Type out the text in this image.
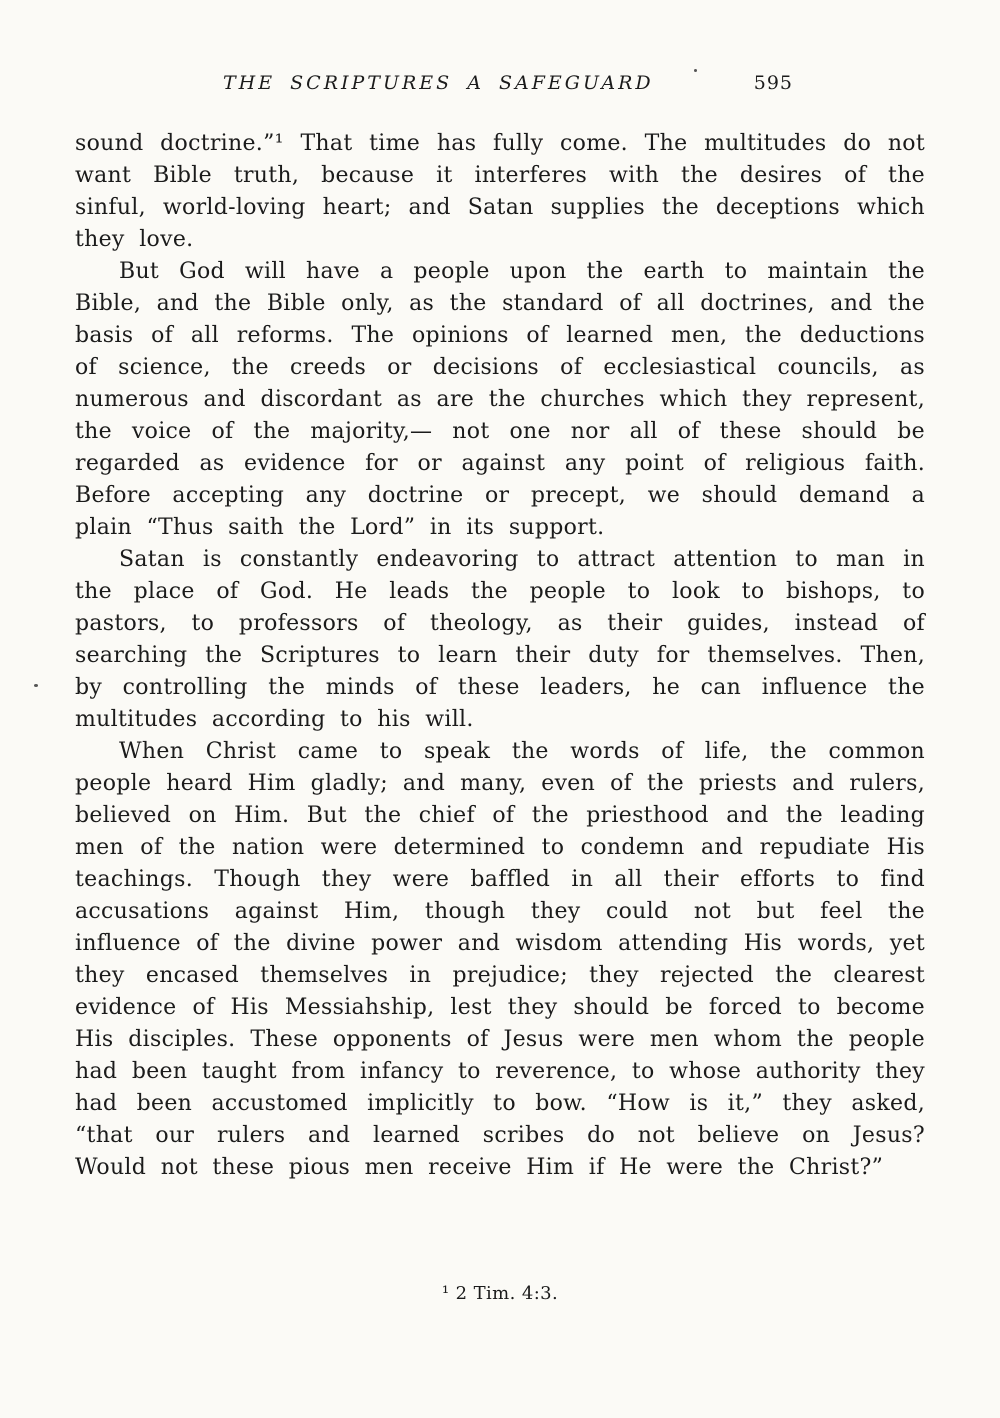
THE SCRIPTURES A SAFEGUARD	595

sound doctrine.”¹ That time has fully come. The multitudes do not want Bible truth, because it interferes with the desires of the sinful, world-loving heart; and Satan supplies the deceptions which they love.

But God will have a people upon the earth to maintain the Bible, and the Bible only, as the standard of all doctrines, and the basis of all reforms. The opinions of learned men, the deductions of science, the creeds or decisions of ecclesiastical councils, as numerous and discordant as are the churches which they represent, the voice of the majority,— not one nor all of these should be regarded as evidence for or against any point of religious faith. Before accepting any doctrine or precept, we should demand a plain “Thus saith the Lord” in its support.

Satan is constantly endeavoring to attract attention to man in the place of God. He leads the people to look to bishops, to pastors, to professors of theology, as their guides, instead of searching the Scriptures to learn their duty for themselves. Then, by controlling the minds of these leaders, he can influence the multitudes according to his will.

When Christ came to speak the words of life, the common people heard Him gladly; and many, even of the priests and rulers, believed on Him. But the chief of the priesthood and the leading men of the nation were determined to condemn and repudiate His teachings. Though they were baffled in all their efforts to find accusations against Him, though they could not but feel the influence of the divine power and wisdom attending His words, yet they encased themselves in prejudice; they rejected the clearest evidence of His Messiahship, lest they should be forced to become His disciples. These opponents of Jesus were men whom the people had been taught from infancy to reverence, to whose authority they had been accustomed implicitly to bow. “How is it,” they asked, “that our rulers and learned scribes do not believe on Jesus? Would not these pious men receive Him if He were the Christ?”

¹ 2 Tim. 4:3.
